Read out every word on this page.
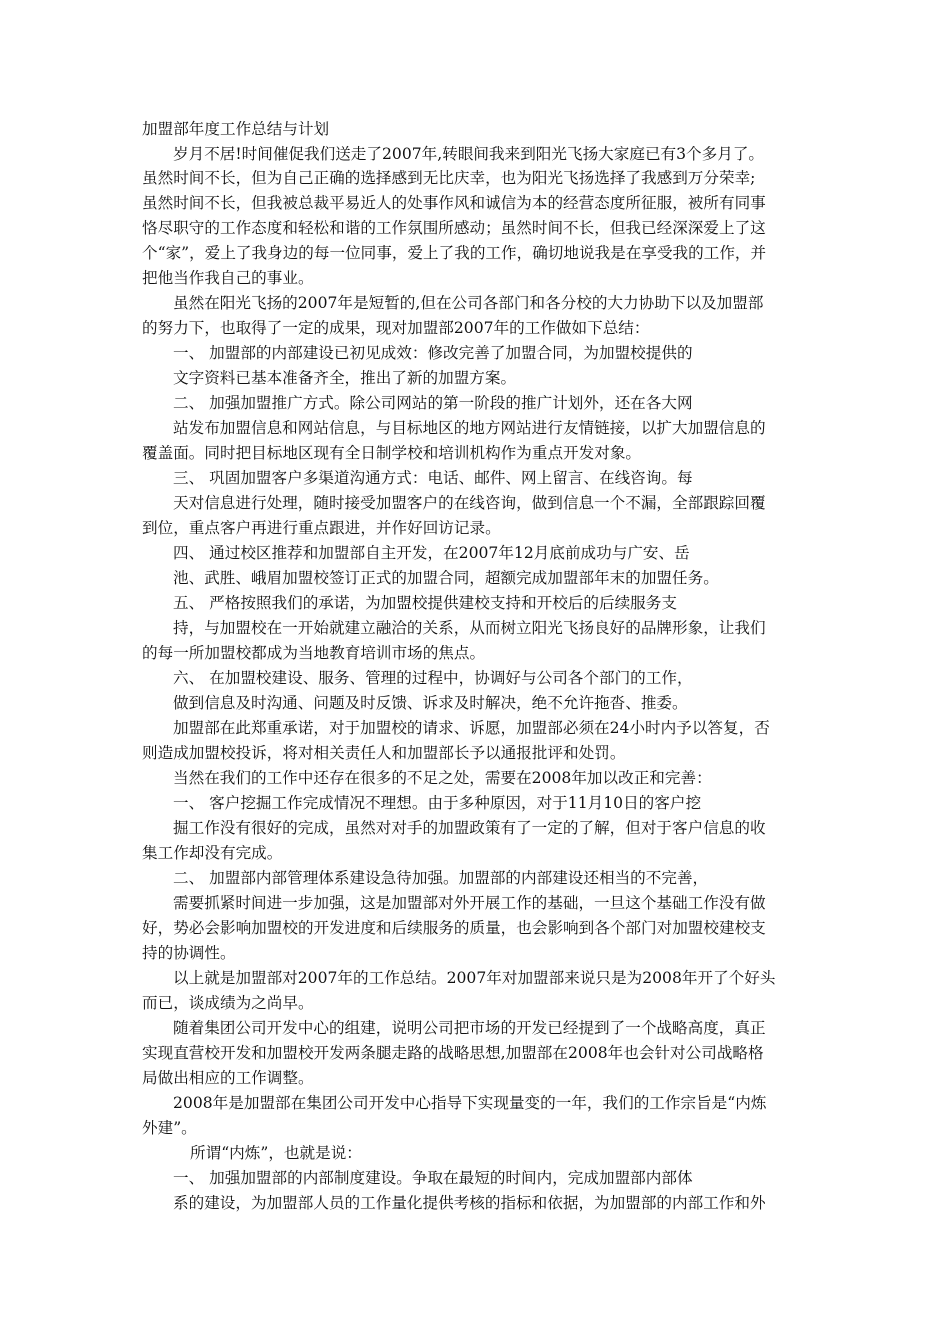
加盟部年度工作总结与计划
岁月不居!时间催促我们送走了2007年,转眼间我来到阳光飞扬大家庭已有3个多月了。
虽然时间不长，但为自己正确的选择感到无比庆幸，也为阳光飞扬选择了我感到万分荣幸;
虽然时间不长，但我被总裁平易近人的处事作风和诚信为本的经营态度所征服，被所有同事
恪尽职守的工作态度和轻松和谐的工作氛围所感动；虽然时间不长，但我已经深深爱上了这
个“家”，爱上了我身边的每一位同事，爱上了我的工作，确切地说我是在享受我的工作，并
把他当作我自己的事业。
虽然在阳光飞扬的2007年是短暂的,但在公司各部门和各分校的大力协助下以及加盟部
的努力下，也取得了一定的成果，现对加盟部2007年的工作做如下总结：
一、 加盟部的内部建设已初见成效：修改完善了加盟合同，为加盟校提供的
文字资料已基本准备齐全，推出了新的加盟方案。
二、 加强加盟推广方式。除公司网站的第一阶段的推广计划外，还在各大网
站发布加盟信息和网站信息，与目标地区的地方网站进行友情链接，以扩大加盟信息的
覆盖面。同时把目标地区现有全日制学校和培训机构作为重点开发对象。
三、 巩固加盟客户多渠道沟通方式：电话、邮件、网上留言、在线咨询。每
天对信息进行处理，随时接受加盟客户的在线咨询，做到信息一个不漏，全部跟踪回覆
到位，重点客户再进行重点跟进，并作好回访记录。
四、 通过校区推荐和加盟部自主开发，在2007年12月底前成功与广安、岳
池、武胜、峨眉加盟校签订正式的加盟合同，超额完成加盟部年末的加盟任务。
五、 严格按照我们的承诺，为加盟校提供建校支持和开校后的后续服务支
持，与加盟校在一开始就建立融洽的关系，从而树立阳光飞扬良好的品牌形象，让我们
的每一所加盟校都成为当地教育培训市场的焦点。
六、 在加盟校建设、服务、管理的过程中，协调好与公司各个部门的工作，
做到信息及时沟通、问题及时反馈、诉求及时解决，绝不允许拖沓、推委。
加盟部在此郑重承诺，对于加盟校的请求、诉愿，加盟部必须在24小时内予以答复，否
则造成加盟校投诉，将对相关责任人和加盟部长予以通报批评和处罚。
当然在我们的工作中还存在很多的不足之处，需要在2008年加以改正和完善：
一、 客户挖掘工作完成情况不理想。由于多种原因，对于11月10日的客户挖
掘工作没有很好的完成，虽然对对手的加盟政策有了一定的了解，但对于客户信息的收
集工作却没有完成。
二、 加盟部内部管理体系建设急待加强。加盟部的内部建设还相当的不完善，
需要抓紧时间进一步加强，这是加盟部对外开展工作的基础，一旦这个基础工作没有做
好，势必会影响加盟校的开发进度和后续服务的质量，也会影响到各个部门对加盟校建校支
持的协调性。
以上就是加盟部对2007年的工作总结。2007年对加盟部来说只是为2008年开了个好头
而已，谈成绩为之尚早。
随着集团公司开发中心的组建，说明公司把市场的开发已经提到了一个战略高度，真正
实现直营校开发和加盟校开发两条腿走路的战略思想,加盟部在2008年也会针对公司战略格
局做出相应的工作调整。
2008年是加盟部在集团公司开发中心指导下实现量变的一年，我们的工作宗旨是“内炼
外建”。
所谓“内炼”，也就是说：
一、 加强加盟部的内部制度建设。争取在最短的时间内，完成加盟部内部体
系的建设，为加盟部人员的工作量化提供考核的指标和依据，为加盟部的内部工作和外
